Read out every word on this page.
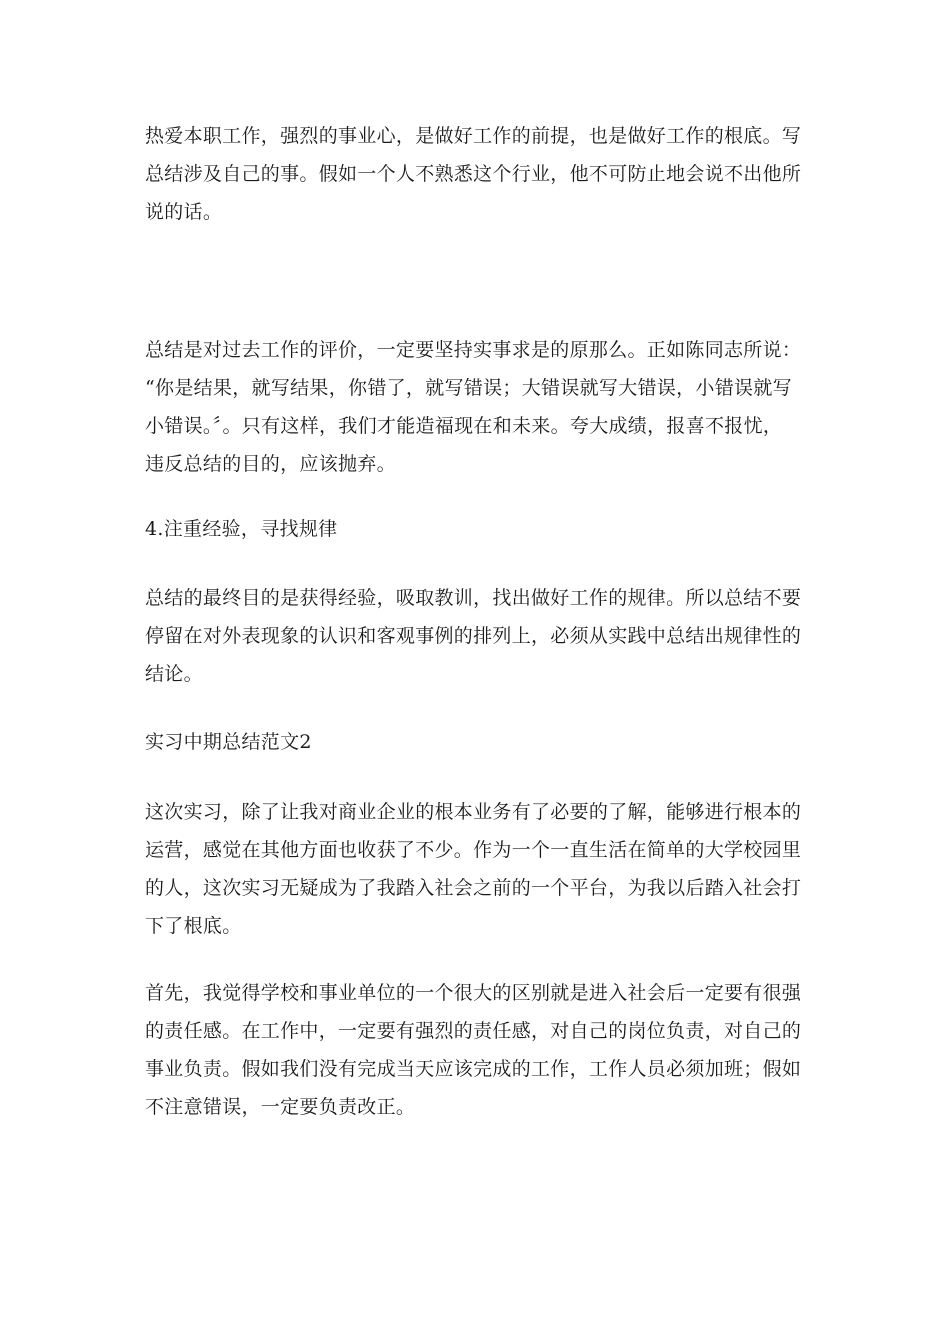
热爱本职工作，强烈的事业心，是做好工作的前提，也是做好工作的根底。写
总结涉及自己的事。假如一个人不熟悉这个行业，他不可防止地会说不出他所
说的话。

总结是对过去工作的评价，一定要坚持实事求是的原那么。正如陈同志所说：
“你是结果，就写结果，你错了，就写错误；大错误就写大错误，小错误就写
小错误。〞。只有这样，我们才能造福现在和未来。夸大成绩，报喜不报忧，
违反总结的目的，应该抛弃。

4.注重经验，寻找规律

总结的最终目的是获得经验，吸取教训，找出做好工作的规律。所以总结不要
停留在对外表现象的认识和客观事例的排列上，必须从实践中总结出规律性的
结论。

实习中期总结范文2

这次实习，除了让我对商业企业的根本业务有了必要的了解，能够进行根本的
运营，感觉在其他方面也收获了不少。作为一个一直生活在简单的大学校园里
的人，这次实习无疑成为了我踏入社会之前的一个平台，为我以后踏入社会打
下了根底。

首先，我觉得学校和事业单位的一个很大的区别就是进入社会后一定要有很强
的责任感。在工作中，一定要有强烈的责任感，对自己的岗位负责，对自己的
事业负责。假如我们没有完成当天应该完成的工作，工作人员必须加班；假如
不注意错误，一定要负责改正。
